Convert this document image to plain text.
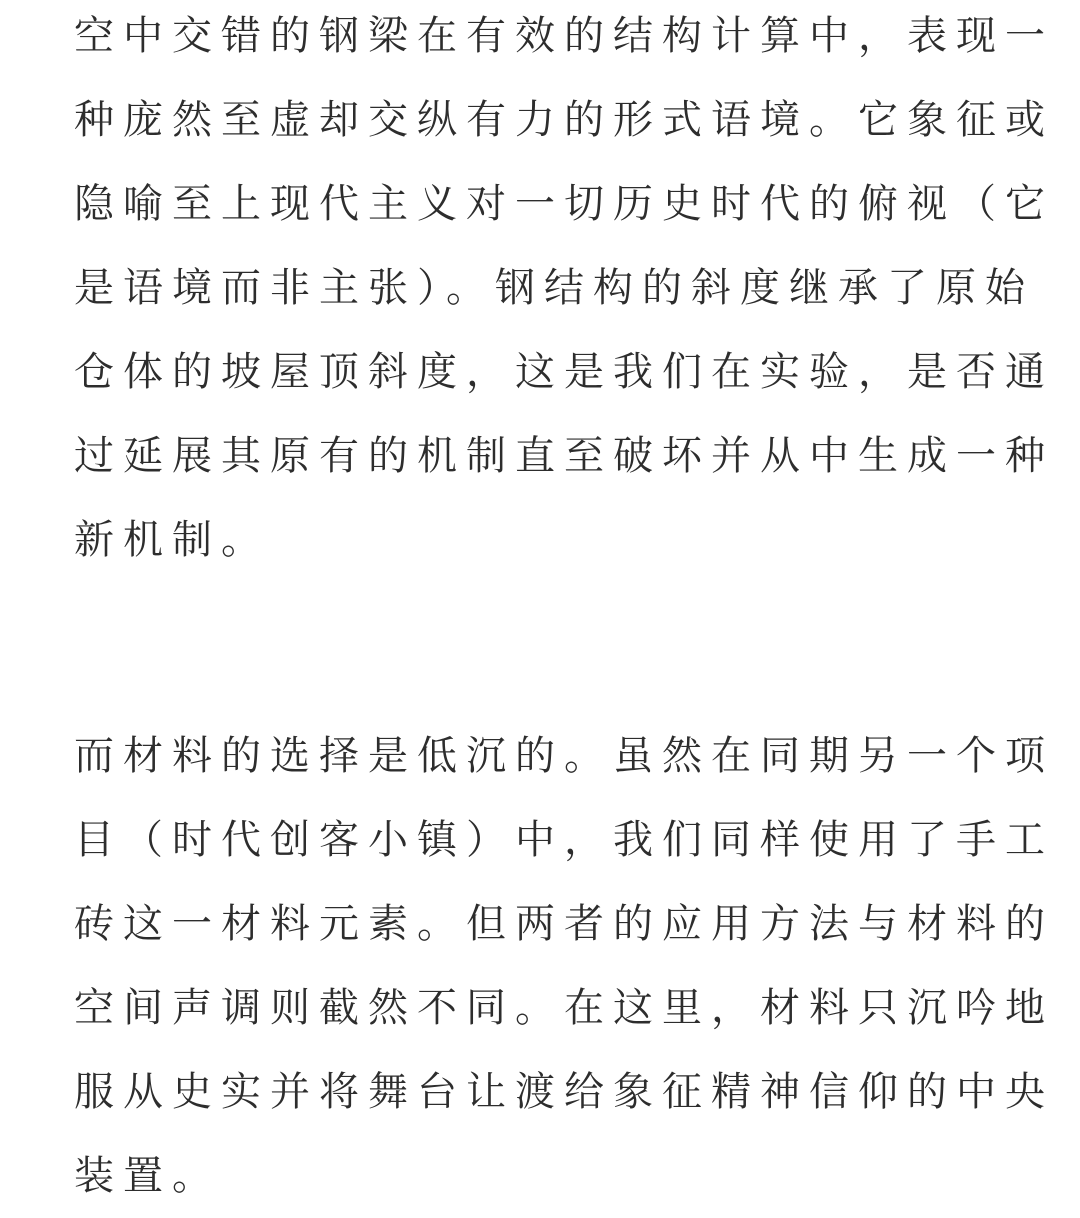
空中交错的钢梁在有效的结构计算中，表现一
种庞然至虚却交纵有力的形式语境。它象征或
隐喻至上现代主义对一切历史时代的俯视（它
是语境而非主张）。钢结构的斜度继承了原始
仓体的坡屋顶斜度，这是我们在实验，是否通
过延展其原有的机制直至破坏并从中生成一种
新机制。
而材料的选择是低沉的。虽然在同期另一个项
目（时代创客小镇）中，我们同样使用了手工
砖这一材料元素。但两者的应用方法与材料的
空间声调则截然不同。在这里，材料只沉吟地
服从史实并将舞台让渡给象征精神信仰的中央
装置。
